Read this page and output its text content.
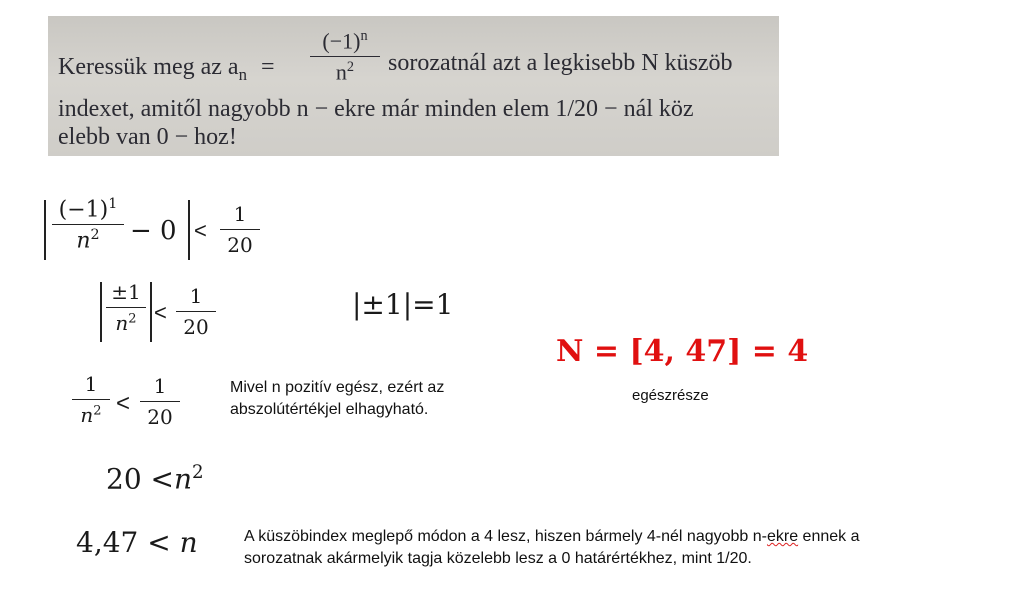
Keressük meg az $a_n$ =
$(-1)^n$
$n^2$	sorozatnál azt a legkisebb N küszöb
indexet, amitől nagyobb n − ekre már minden elem 1/20 − nál köz
elebb van 0 − hoz!
$(-1)^1$
$n^2$	− 0 <
1
20
±1
$n^2$ <
1
20
|±1|=1
1
$n^2$ <
1
20
Mivel n pozitív egész, ezért az
abszolútértékjel elhagyható.
$20 <n^2$
4,47 < n	A küszöbindex meglepő módon a 4 lesz, hiszen bármely 4-nél nagyobb n-ekre ennek a
sorozatnak akármelyik tagja közelebb lesz a 0 határértékhez, mint 1/20.
N = [4, 47] = 4
egészrésze
